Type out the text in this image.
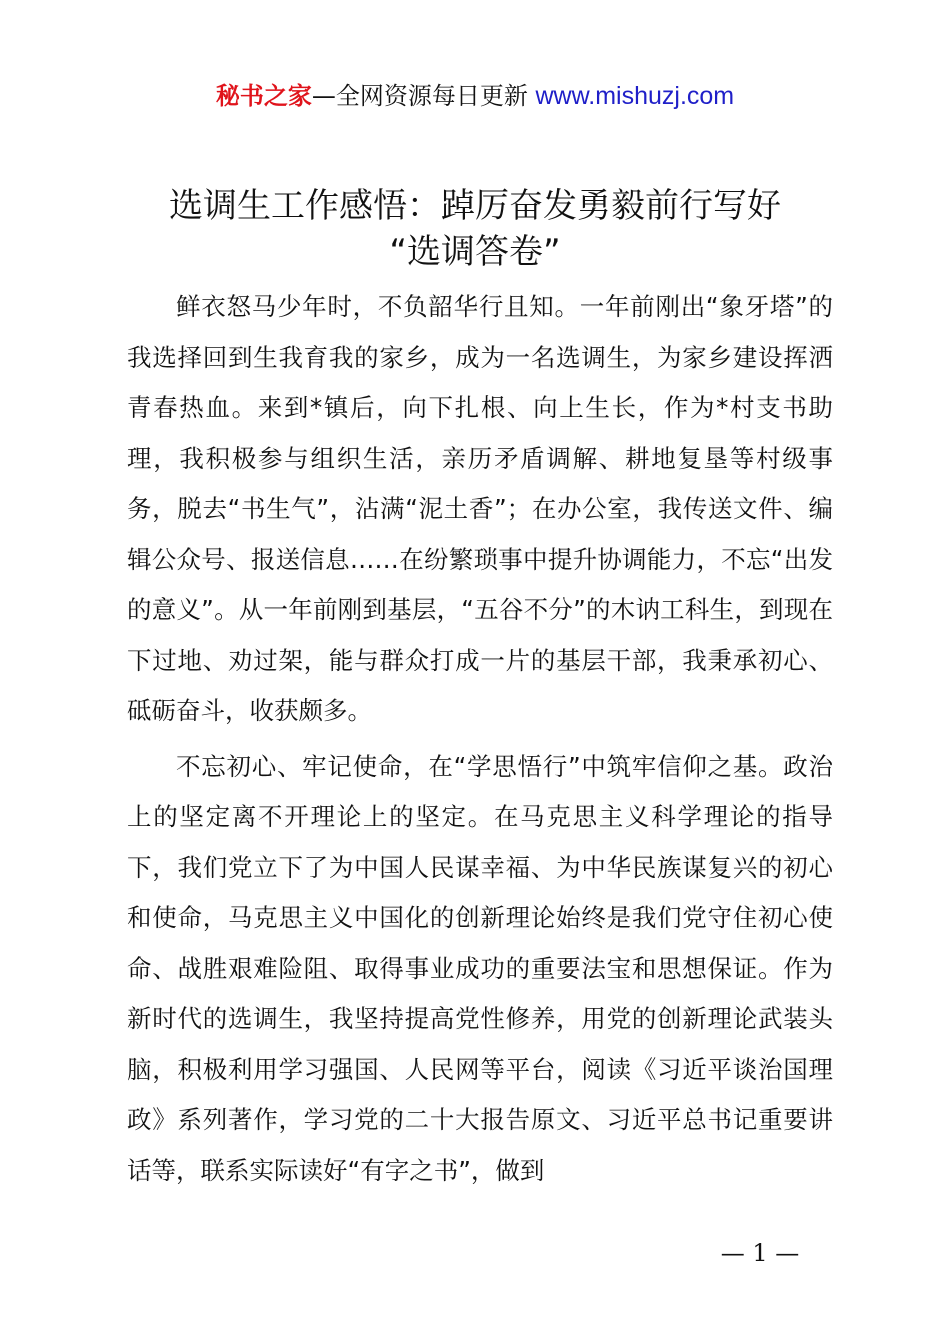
秘书之家—全网资源每日更新 www.mishuzj.com
选调生工作感悟：踔厉奋发勇毅前行写好
“选调答卷”

鲜衣怒马少年时，不负韶华行且知。一年前刚出“象牙塔”的我选择回到生我育我的家乡，成为一名选调生，为家乡建设挥洒青春热血。来到*镇后，向下扎根、向上生长，作为*村支书助理，我积极参与组织生活，亲历矛盾调解、耕地复垦等村级事务，脱去“书生气”，沾满“泥土香”；在办公室，我传送文件、编辑公众号、报送信息……在纷繁琐事中提升协调能力，不忘“出发的意义”。从一年前刚到基层，“五谷不分”的木讷工科生，到现在下过地、劝过架，能与群众打成一片的基层干部，我秉承初心、砥砺奋斗，收获颇多。

不忘初心、牢记使命，在“学思悟行”中筑牢信仰之基。政治上的坚定离不开理论上的坚定。在马克思主义科学理论的指导下，我们党立下了为中国人民谋幸福、为中华民族谋复兴的初心和使命，马克思主义中国化的创新理论始终是我们党守住初心使命、战胜艰难险阻、取得事业成功的重要法宝和思想保证。作为新时代的选调生，我坚持提高党性修养，用党的创新理论武装头脑，积极利用学习强国、人民网等平台，阅读《习近平谈治国理政》系列著作，学习党的二十大报告原文、习近平总书记重要讲话等，联系实际读好“有字之书”，做到

— 1 —
